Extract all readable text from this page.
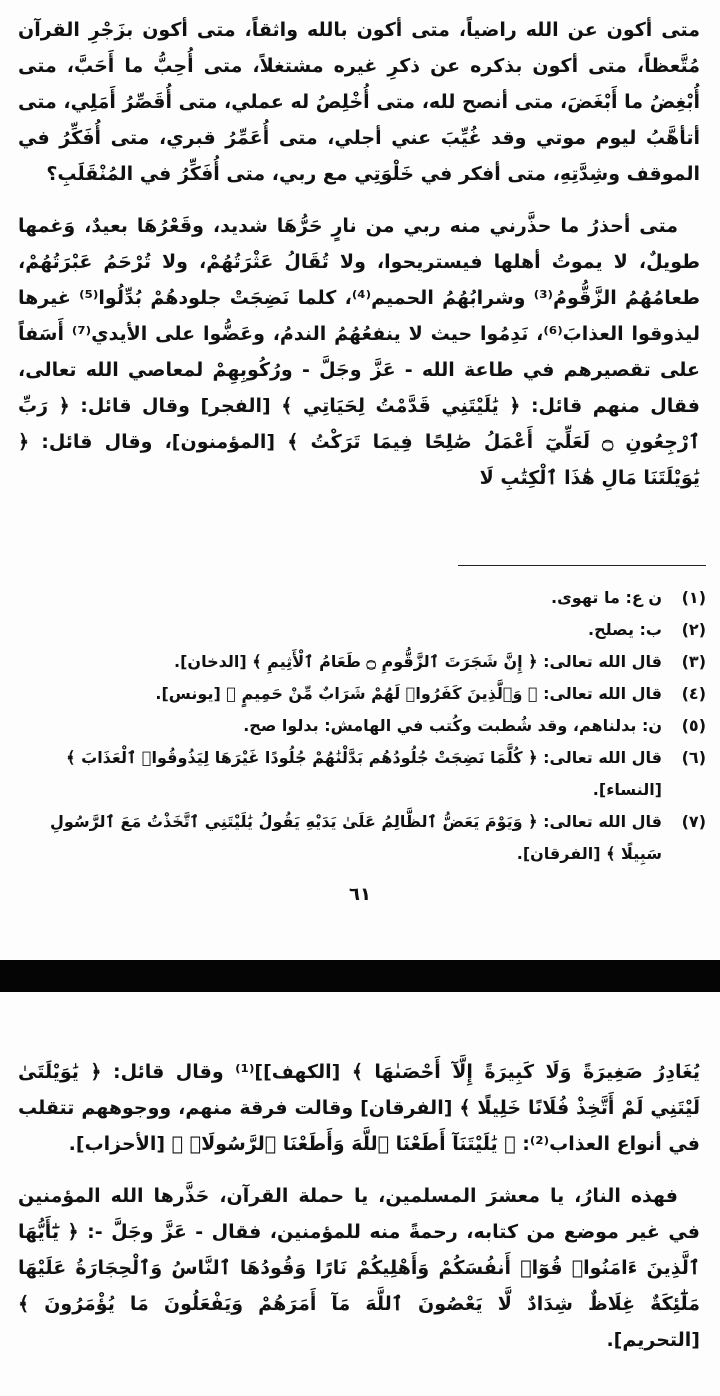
متى أكون عن الله راضياً، متى أكون بالله واثقاً، متى أكون بزَجْرِ القرآن مُتَّعظاً، متى أكون بذكره عن ذكرِ غيره مشتغلاً، متى أُحِبُّ ما أَحَبَّ، متى أُبْغِضُ ما أَبْغَضَ، متى أنصح لله، متى أُخْلِصُ له عملي، متى أُقَصِّرُ أَمَلِي، متى أتأهَّبُ ليوم موتي وقد غُيِّبَ عني أجلي، متى أُعَمِّرُ قبري، متى أُفَكِّرُ في الموقف وشِدَّتِهِ، متى أفكر في خَلْوَتِي مع ربي، متى أُفَكِّرُ في المُنْقَلَبِ؟

متى أحذرُ ما حذَّرني منه ربي من نارٍ حَرُّهَا شديد، وقَعْرُهَا بعيدٌ، وَغمها طويلٌ، لا يموتُ أهلها فيستريحوا، ولا تُقَالُ عَثْرَتُهُمْ، ولا تُرْحَمُ عَبْرَتُهُمْ، طعامُهُمُ الزَّقُّومُ⁽³⁾ وشرابُهُمُ الحميم⁽⁴⁾، كلما نَضِجَتْ جلودهُمْ بُدِّلُوا⁽⁵⁾ غيرها ليذوقوا العذابَ⁽⁶⁾، نَدِمُوا حيث لا ينفعُهُمُ الندمُ، وعَضُّوا على الأيدي⁽⁷⁾ أَسَفاً على تقصيرهم في طاعة الله - عَزَّ وجَلَّ - ورُكُوبِهِمْ لمعاصي الله تعالى، فقال منهم قائل: ﴿ يَٰلَيْتَنِي قَدَّمْتُ لِحَيَاتِي ﴾ [الفجر] وقال قائل: ﴿ رَبِّ ٱرْجِعُونِ ۝ لَعَلِّيٓ أَعْمَلُ صَٰلِحًا فِيمَا تَرَكْتُ ﴾ [المؤمنون]، وقال قائل: ﴿ يَٰوَيْلَتَنَا مَالِ هَٰذَا ٱلْكِتَٰبِ لَا

(١)
ن ع: ما تهوى.
(٢)
ب: يصلح.
(٣)
قال الله تعالى: ﴿ إِنَّ شَجَرَتَ ٱلزَّقُّومِ ۝ طَعَامُ ٱلْأَثِيمِ ﴾ [الدخان].
(٤)
قال الله تعالى: ﴿ وَٱلَّذِينَ كَفَرُوا۟ لَهُمْ شَرَابٌ مِّنْ حَمِيمٍ ﴾ [يونس].
(٥)
ن: بدلناهم، وقد شُطبت وكُتب في الهامش: بدلوا صح.
(٦)
قال الله تعالى: ﴿ كُلَّمَا نَضِجَتْ جُلُودُهُم بَدَّلْنَٰهُمْ جُلُودًا غَيْرَهَا لِيَذُوقُوا۟ ٱلْعَذَابَ ﴾ [النساء].
(٧)
قال الله تعالى: ﴿ وَيَوْمَ يَعَضُّ ٱلظَّالِمُ عَلَىٰ يَدَيْهِ يَقُولُ يَٰلَيْتَنِي ٱتَّخَذْتُ مَعَ ٱلرَّسُولِ سَبِيلًا ﴾ [الفرقان].
٦١

يُغَادِرُ صَغِيرَةً وَلَا كَبِيرَةً إِلَّآ أَحْصَىٰهَا ﴾ [الكهف]]⁽¹⁾ وقال قائل: ﴿ يَٰوَيْلَتَىٰ لَيْتَنِي لَمْ أَتَّخِذْ فُلَانًا خَلِيلًا ﴾ [الفرقان] وقالت فرقة منهم، ووجوههم تتقلب في أنواع العذاب⁽²⁾: ﴿ يَٰلَيْتَنَآ أَطَعْنَا ٱللَّهَ وَأَطَعْنَا ٱلرَّسُولَا۠ ﴾ [الأحزاب].

فهذه النارُ، يا معشرَ المسلمين، يا حملة القرآن، حَذَّرها الله المؤمنين في غير موضع من كتابه، رحمةً منه للمؤمنين، فقال - عَزَّ وجَلَّ -: ﴿ يَٰٓأَيُّهَا ٱلَّذِينَ ءَامَنُوا۟ قُوٓا۟ أَنفُسَكُمْ وَأَهْلِيكُمْ نَارًا وَقُودُهَا ٱلنَّاسُ وَٱلْحِجَارَةُ عَلَيْهَا مَلَٰٓئِكَةٌ غِلَاظٌ شِدَادٌ لَّا يَعْصُونَ ٱللَّهَ مَآ أَمَرَهُمْ وَيَفْعَلُونَ مَا يُؤْمَرُونَ ﴾ [التحريم].
